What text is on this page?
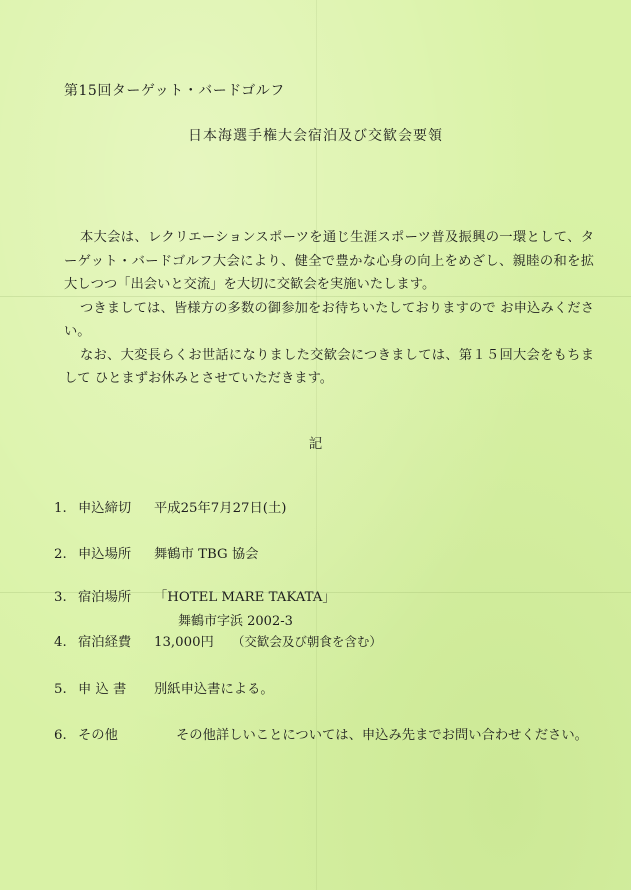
第15回ターゲット・バードゴルフ
日本海選手権大会宿泊及び交歓会要領

本大会は、レクリエーションスポーツを通じ生涯スポーツ普及振興の一環として、ターゲット・バードゴルフ大会により、健全で豊かな心身の向上をめざし、親睦の和を拡大しつつ「出会いと交流」を大切に交歓会を実施いたします。

つきましては、皆様方の多数の御参加をお待ちいたしておりますので お申込みください。

なお、大変長らくお世話になりました交歓会につきましては、第１５回大会をもちまして ひとまずお休みとさせていただきます。

記
1. 申込締切 平成25年7月27日(土)
2. 申込場所 舞鶴市 TBG 協会
3. 宿泊場所 「HOTEL MARE TAKATA」
舞鶴市字浜 2002-3
4. 宿泊経費 13,000円 （交歓会及び朝食を含む）
5. 申 込 書 別紙申込書による。
6. その他	その他詳しいことについては、申込み先までお問い合わせください。
